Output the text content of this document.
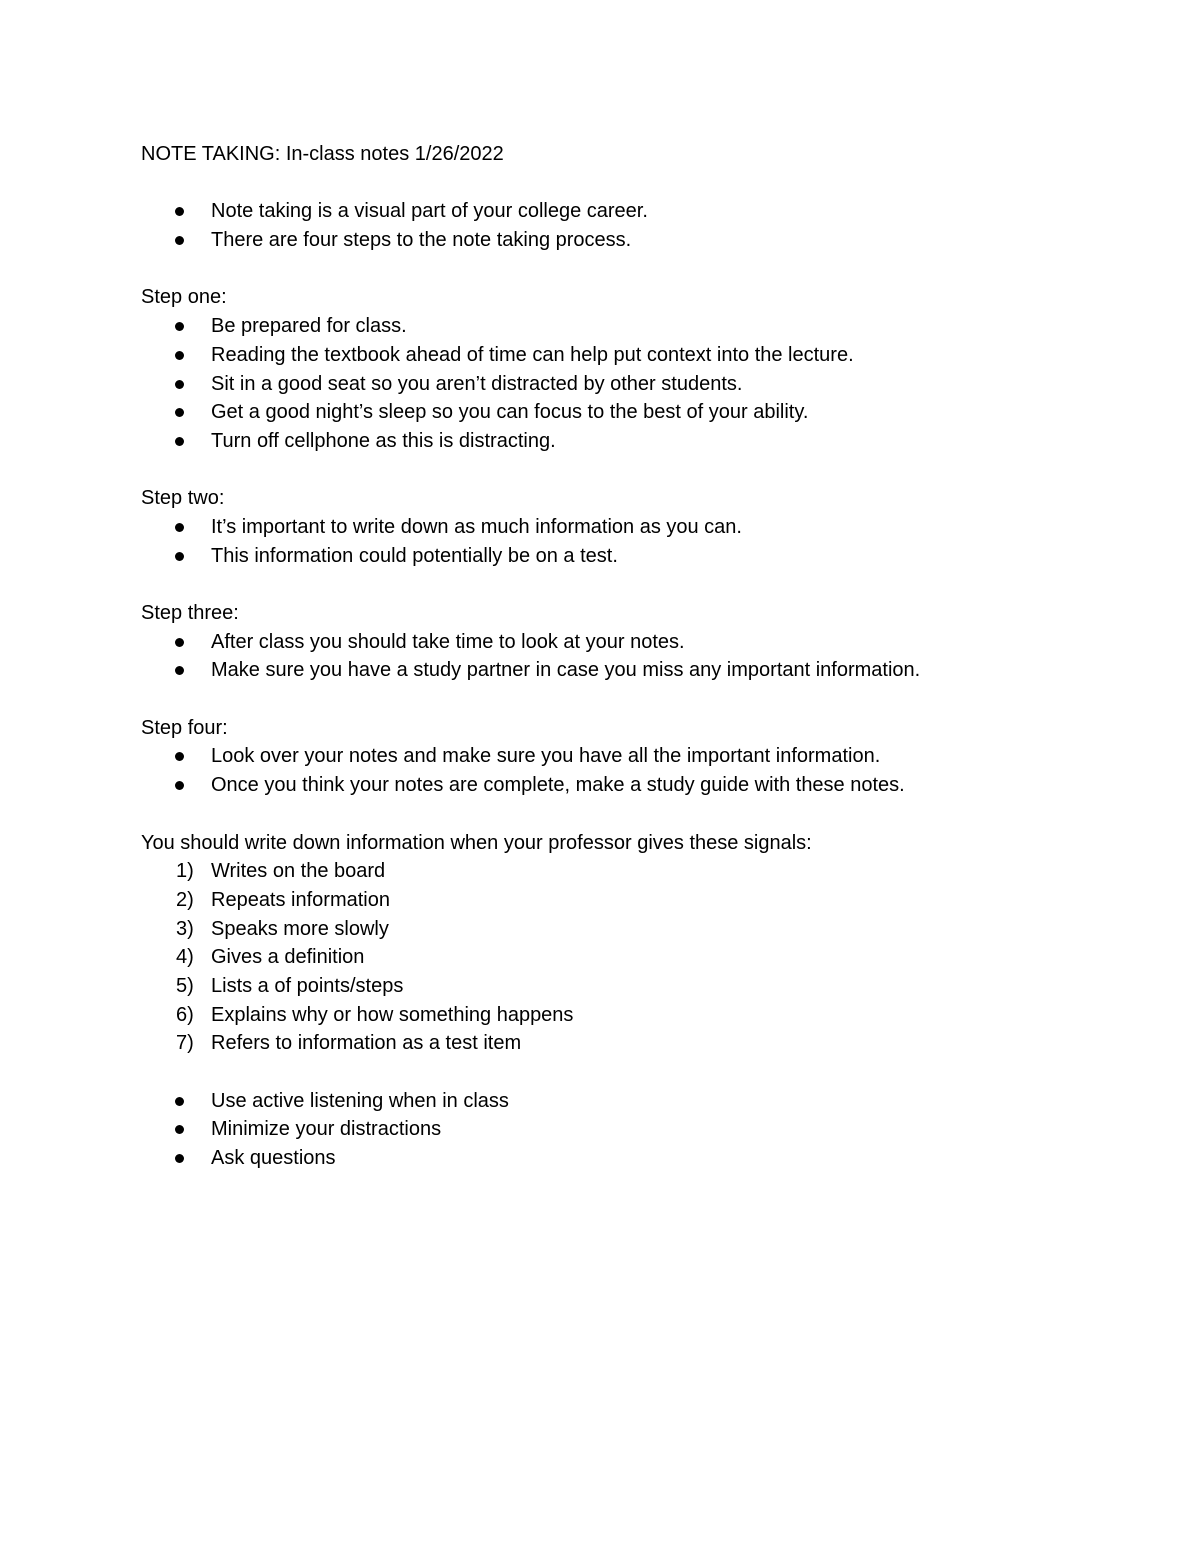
NOTE TAKING: In-class notes 1/26/2022

Note taking is a visual part of your college career.
There are four steps to the note taking process.

Step one:

Be prepared for class.
Reading the textbook ahead of time can help put context into the lecture.
Sit in a good seat so you aren’t distracted by other students.
Get a good night’s sleep so you can focus to the best of your ability.
Turn off cellphone as this is distracting.

Step two:

It’s important to write down as much information as you can.
This information could potentially be on a test.

Step three:

After class you should take time to look at your notes.
Make sure you have a study partner in case you miss any important information.

Step four:

Look over your notes and make sure you have all the important information.
Once you think your notes are complete, make a study guide with these notes.

You should write down information when your professor gives these signals:

1) Writes on the board
2) Repeats information
3) Speaks more slowly
4) Gives a definition
5) Lists a of points/steps
6) Explains why or how something happens
7) Refers to information as a test item
Use active listening when in class
Minimize your distractions
Ask questions
